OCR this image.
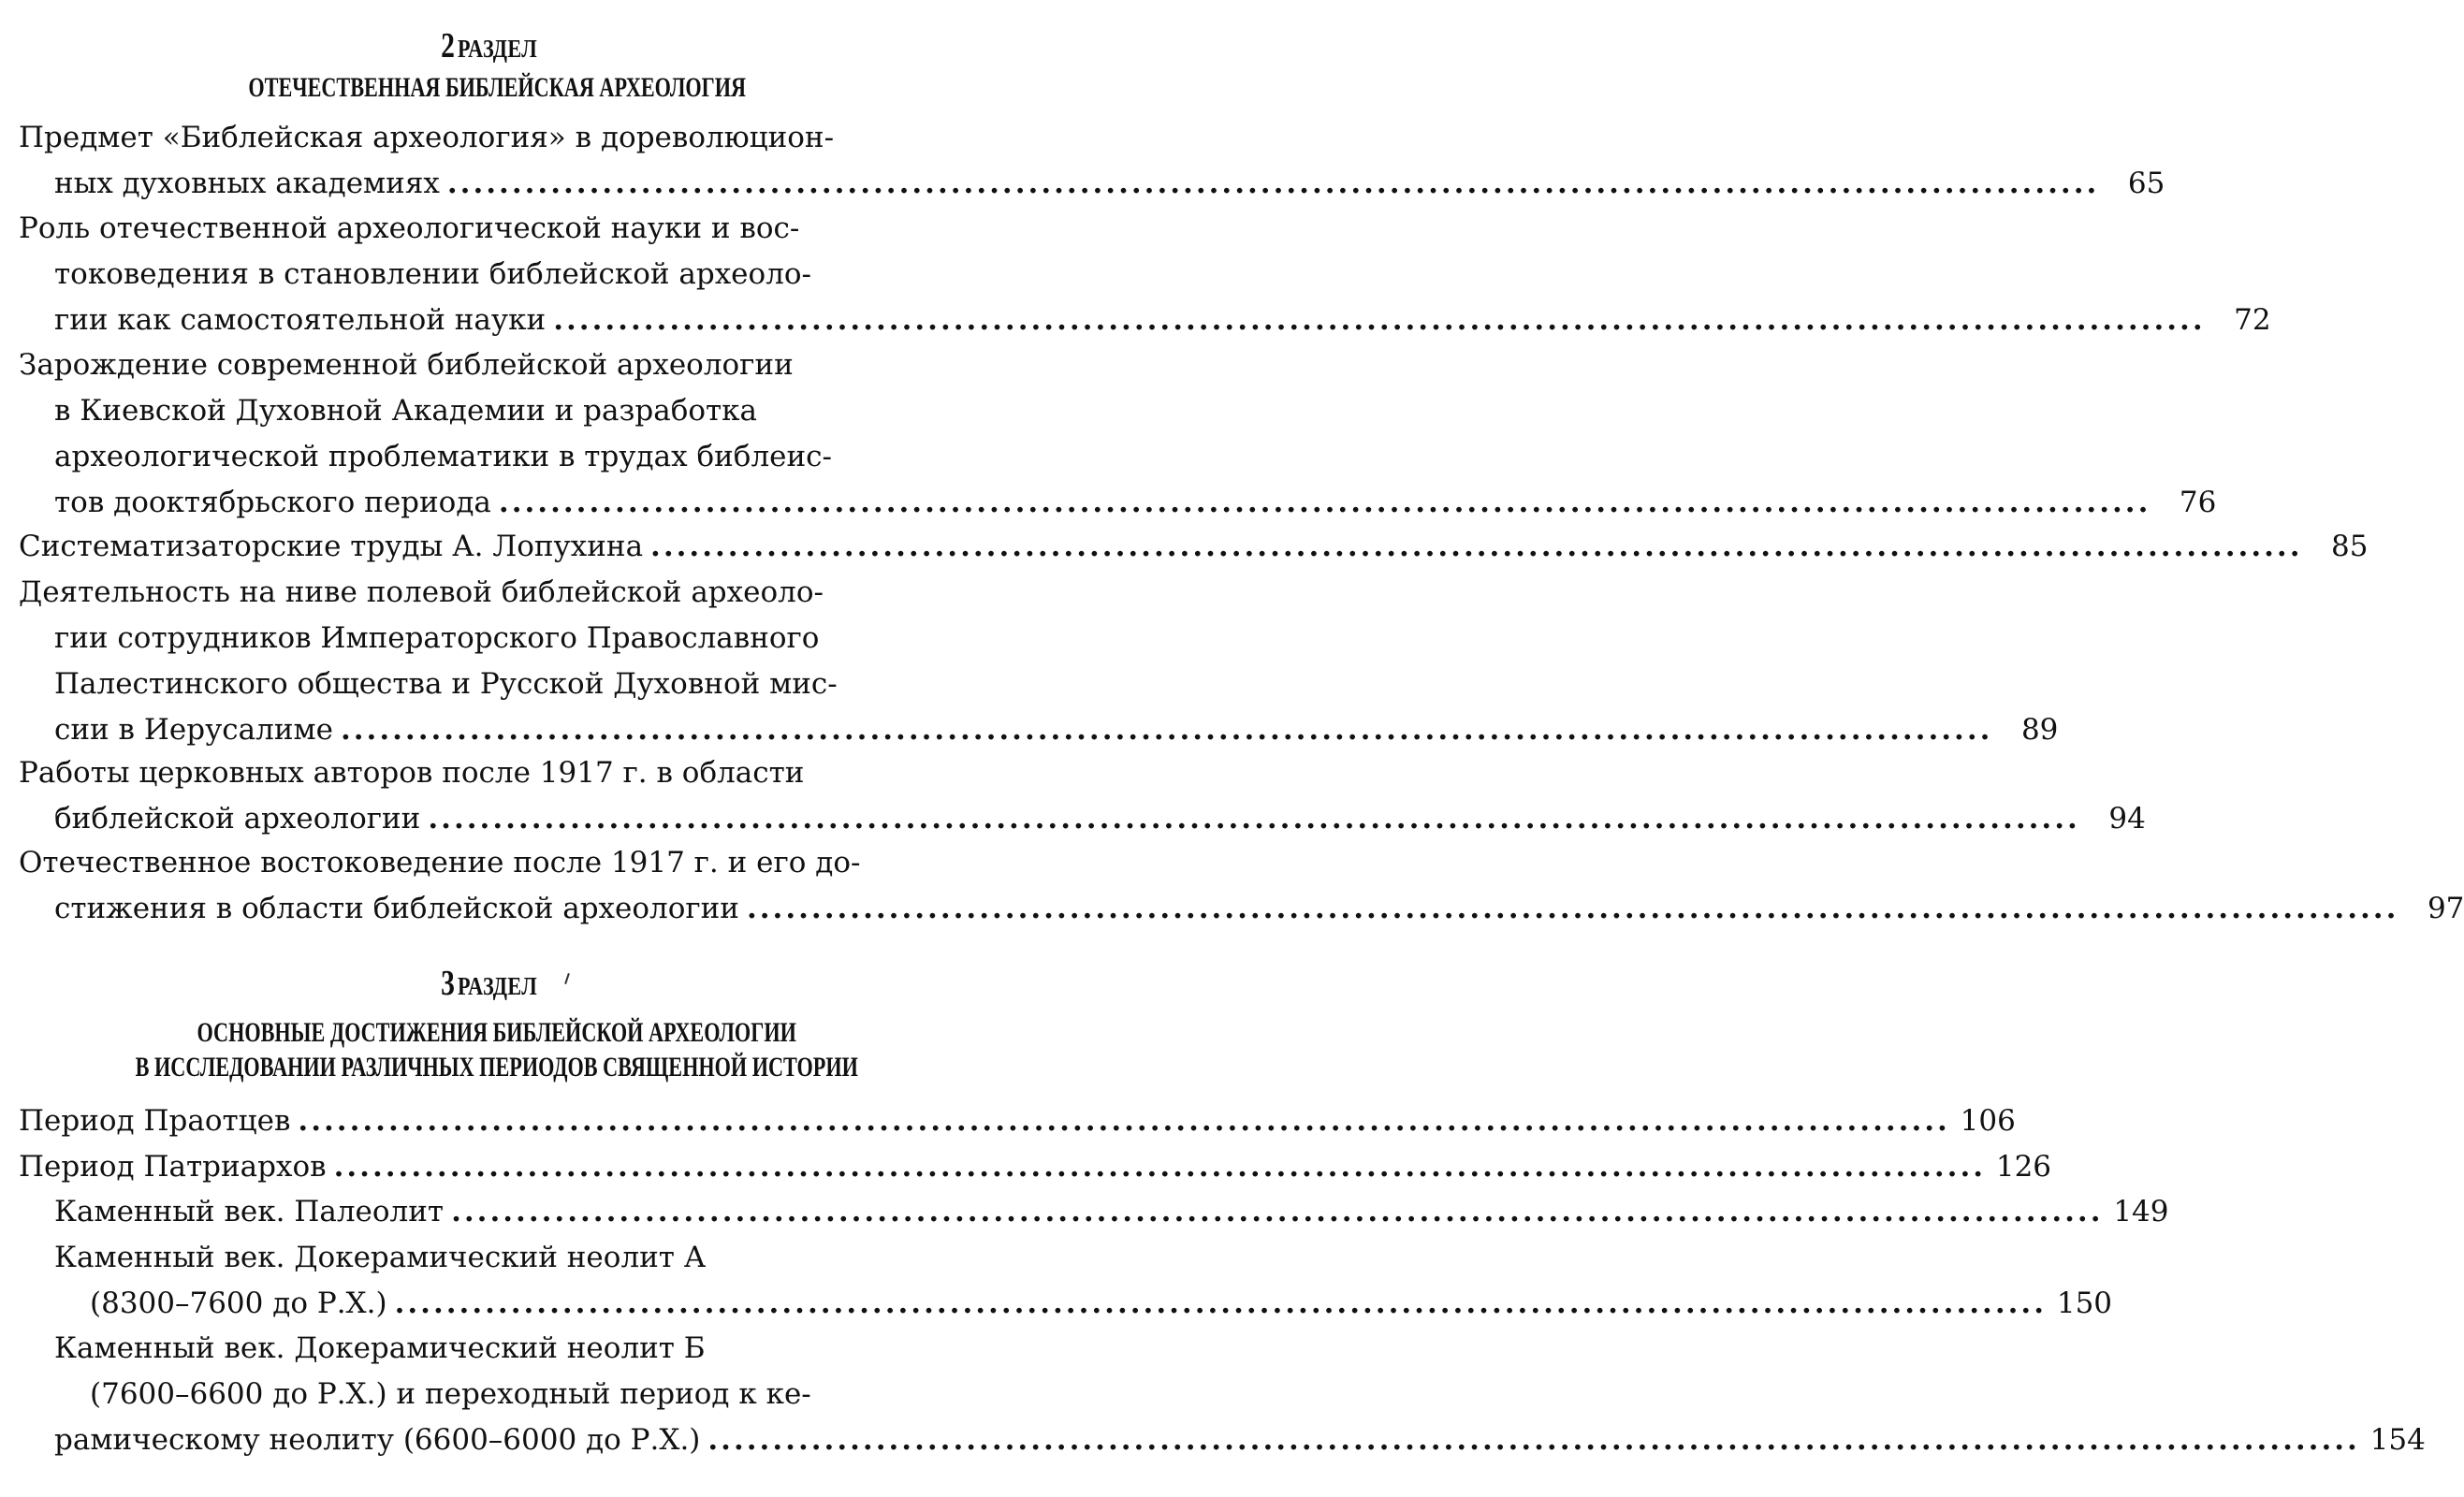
2 РАЗДЕЛ
ОТЕЧЕСТВЕННАЯ БИБЛЕЙСКАЯ АРХЕОЛОГИЯ
Предмет «Библейская археология» в дореволюцион-
ных духовных академиях ................................................................................................................................ 65
Роль отечественной археологической науки и вос-
токоведения в становлении библейской археоло-
гии как самостоятельной науки ................................................................................................................................ 72
Зарождение современной библейской археологии
в Киевской Духовной Академии и разработка
археологической проблематики в трудах библеис-
тов дооктябрьского периода ................................................................................................................................ 76
Систематизаторские труды А. Лопухина ................................................................................................................................ 85
Деятельность на ниве полевой библейской археоло-
гии сотрудников Императорского Православного
Палестинского общества и Русской Духовной мис-
сии в Иерусалиме ................................................................................................................................ 89
Работы церковных авторов после 1917 г. в области
библейской археологии ................................................................................................................................ 94
Отечественное востоковедение после 1917 г. и его до-
стижения в области библейской археологии ................................................................................................................................ 97
3 РАЗДЕЛ
ОСНОВНЫЕ ДОСТИЖЕНИЯ БИБЛЕЙСКОЙ АРХЕОЛОГИИ
В ИССЛЕДОВАНИИ РАЗЛИЧНЫХ ПЕРИОДОВ СВЯЩЕННОЙ ИСТОРИИ
Период Праотцев ................................................................................................................................ 106
Период Патриархов ................................................................................................................................ 126
Каменный век. Палеолит ................................................................................................................................ 149
Каменный век. Докерамический неолит А
(8300–7600 до Р.Х.) ................................................................................................................................ 150
Каменный век. Докерамический неолит Б
(7600–6600 до Р.Х.) и переходный период к ке-
рамическому неолиту (6600–6000 до Р.Х.) ................................................................................................................................ 154
